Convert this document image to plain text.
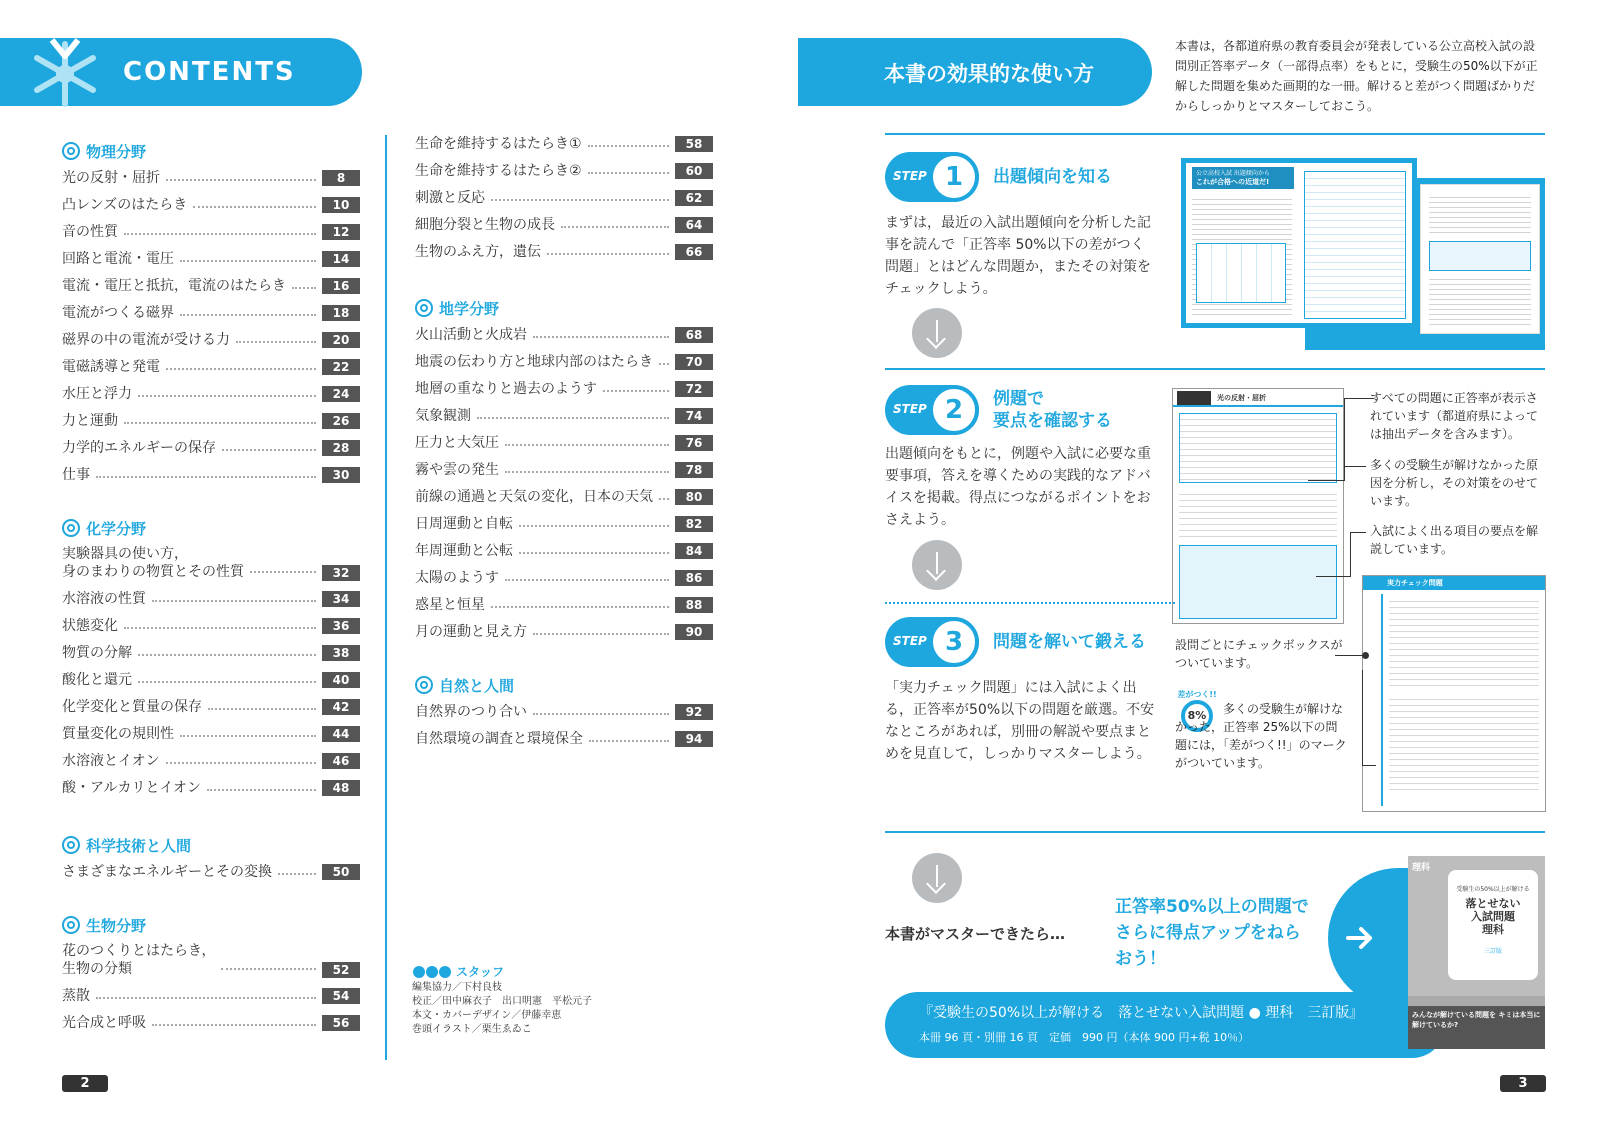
CONTENTS
物理分野
光の反射・屈折	8
凸レンズのはたらき	10
音の性質	12
回路と電流・電圧	14
電流・電圧と抵抗，電流のはたらき	16
電流がつくる磁界	18
磁界の中の電流が受ける力	20
電磁誘導と発電	22
水圧と浮力	24
力と運動	26
力学的エネルギーの保存	28
仕事	30
化学分野
実験器具の使い方，
身のまわりの物質とその性質	32
水溶液の性質	34
状態変化	36
物質の分解	38
酸化と還元	40
化学変化と質量の保存	42
質量変化の規則性	44
水溶液とイオン	46
酸・アルカリとイオン	48
科学技術と人間
さまざまなエネルギーとその変換	50
生物分野
花のつくりとはたらき，
生物の分類	52
蒸散	54
光合成と呼吸	56
生命を維持するはたらき①	58
生命を維持するはたらき②	60
刺激と反応	62
細胞分裂と生物の成長	64
生物のふえ方，遺伝	66
地学分野
火山活動と火成岩	68
地震の伝わり方と地球内部のはたらき	70
地層の重なりと過去のようす	72
気象観測	74
圧力と大気圧	76
霧や雲の発生	78
前線の通過と天気の変化，日本の天気	80
日周運動と自転	82
年周運動と公転	84
太陽のようす	86
惑星と恒星	88
月の運動と見え方	90
自然と人間
自然界のつり合い	92
自然環境の調査と環境保全	94
スタッフ
編集協力／下村良枝
校正／田中麻衣子　出口明憲　平松元子
本文・カバーデザイン／伊藤幸恵
巻頭イラスト／栗生ゑゐこ
2
本書の効果的な使い方
本書は，各都道府県の教育委員会が発表している公立高校入試の設問別正答率データ（一部得点率）をもとに，受験生の50%以下が正解した問題を集めた画期的な一冊。解けると差がつく問題ばかりだからしっかりとマスターしておこう。
STEP 1	出題傾向を知る
まずは，最近の入試出題傾向を分析した記事を読んで「正答率 50%以下の差がつく問題」とはどんな問題か，またその対策をチェックしよう。
公立高校入試 出題傾向から
これが合格への近道だ!
STEP 2	例題で
要点を確認する
出題傾向をもとに，例題や入試に必要な重要事項，答えを導くための実践的なアドバイスを掲載。得点につながるポイントをおさえよう。
光の反射・屈折	すべての問題に正答率が表示されています（都道府県によっては抽出データを含みます）。
多くの受験生が解けなかった原因を分析し，その対策をのせています。
入試によく出る項目の要点を解説しています。
STEP 3	問題を解いて鍛える
「実力チェック問題」には入試によく出る，正答率が50%以下の問題を厳選。不安なところがあれば，別冊の解説や要点まとめを見直して，しっかりマスターしよう。
設問ごとにチェックボックスがついています。
差がつく!!
8%	多くの受験生が解けなかった，正答率 25%以下の問題には，「差がつく!!」のマークがついています。
実力チェック問題
本書がマスターできたら…
正答率50%以上の問題で
さらに得点アップをねら
おう！
『受験生の50%以上が解ける　落とせない入試問題 ● 理科　三訂版』
本冊 96 頁・別冊 16 頁　定価　990 円（本体 900 円+税 10％）
理科
受験生の50%以上が解ける
落とせない
入試問題
理科
三訂版
みんなが解けている問題を キミは本当に解けているか?
3
